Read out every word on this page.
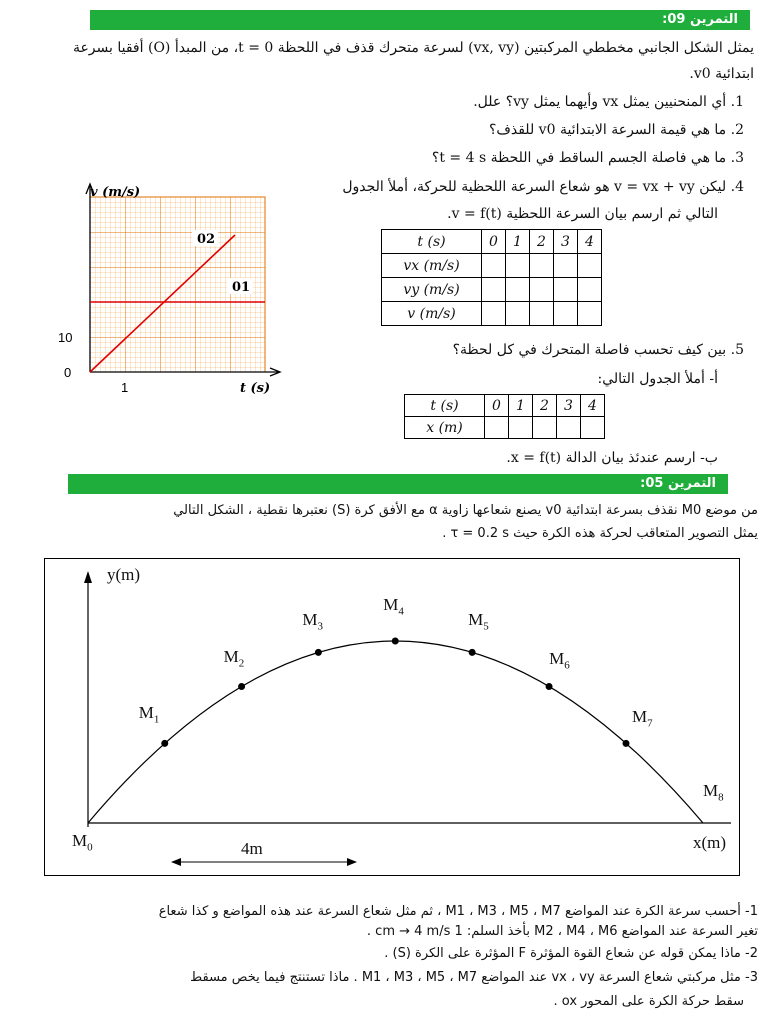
التمرين 09:
يمثل الشكل الجانبي مخططي المركبتين (vx, vy) لسرعة متحرك قذف في اللحظة t = 0، من المبدأ (O) أفقيا بسرعة
ابتدائية v0.
1. أي المنحنيين يمثل vx وأيهما يمثل vy؟ علل.
2. ما هي قيمة السرعة الابتدائية v0 للقذف؟
3. ما هي فاصلة الجسم الساقط في اللحظة t = 4 s؟
4. ليكن v = vx + vy هو شعاع السرعة اللحظية للحركة، أملأ الجدول
التالي ثم ارسم بيان السرعة اللحظية v = f(t).
t (s)	0	1	2	3	4
vx (m/s)					
vy (m/s)					
v (m/s)					
5. بين كيف تحسب فاصلة المتحرك في كل لحظة؟
أ- أملأ الجدول التالي:
t (s)	0	1	2	3	4
x (m)					
ب- ارسم عندئذ بيان الدالة x = f(t).
02
01
v (m/s)
t (s)
10
1
0
التمرين 05:
من موضع M0 نقذف بسرعة ابتدائية v0 يصنع شعاعها زاوية α مع الأفق كرة (S) نعتبرها نقطية ، الشكل التالي
يمثل التصوير المتعاقب لحركة هذه الكرة حيث τ = 0.2 s .
y(m)
x(m)
4m
$M_0$
$M_1$
$M_2$
$M_3$
$M_4$	$M_5$
$M_6$
$M_7$
$M_8$
1- أحسب سرعة الكرة عند المواضع M1 ، M3 ، M5 ، M7 ، ثم مثل شعاع السرعة عند هذه المواضع و كذا شعاع
تغير السرعة عند المواضع M2 ، M4 ، M6 بأخذ السلم: 1 cm → 4 m/s .
2- ماذا يمكن قوله عن شعاع القوة المؤثرة F المؤثرة على الكرة (S) .
3- مثل مركبتي شعاع السرعة vx ، vy عند المواضع M1 ، M3 ، M5 ، M7 . ماذا تستنتج فيما يخص مسقط
سقط حركة الكرة على المحور ox .
